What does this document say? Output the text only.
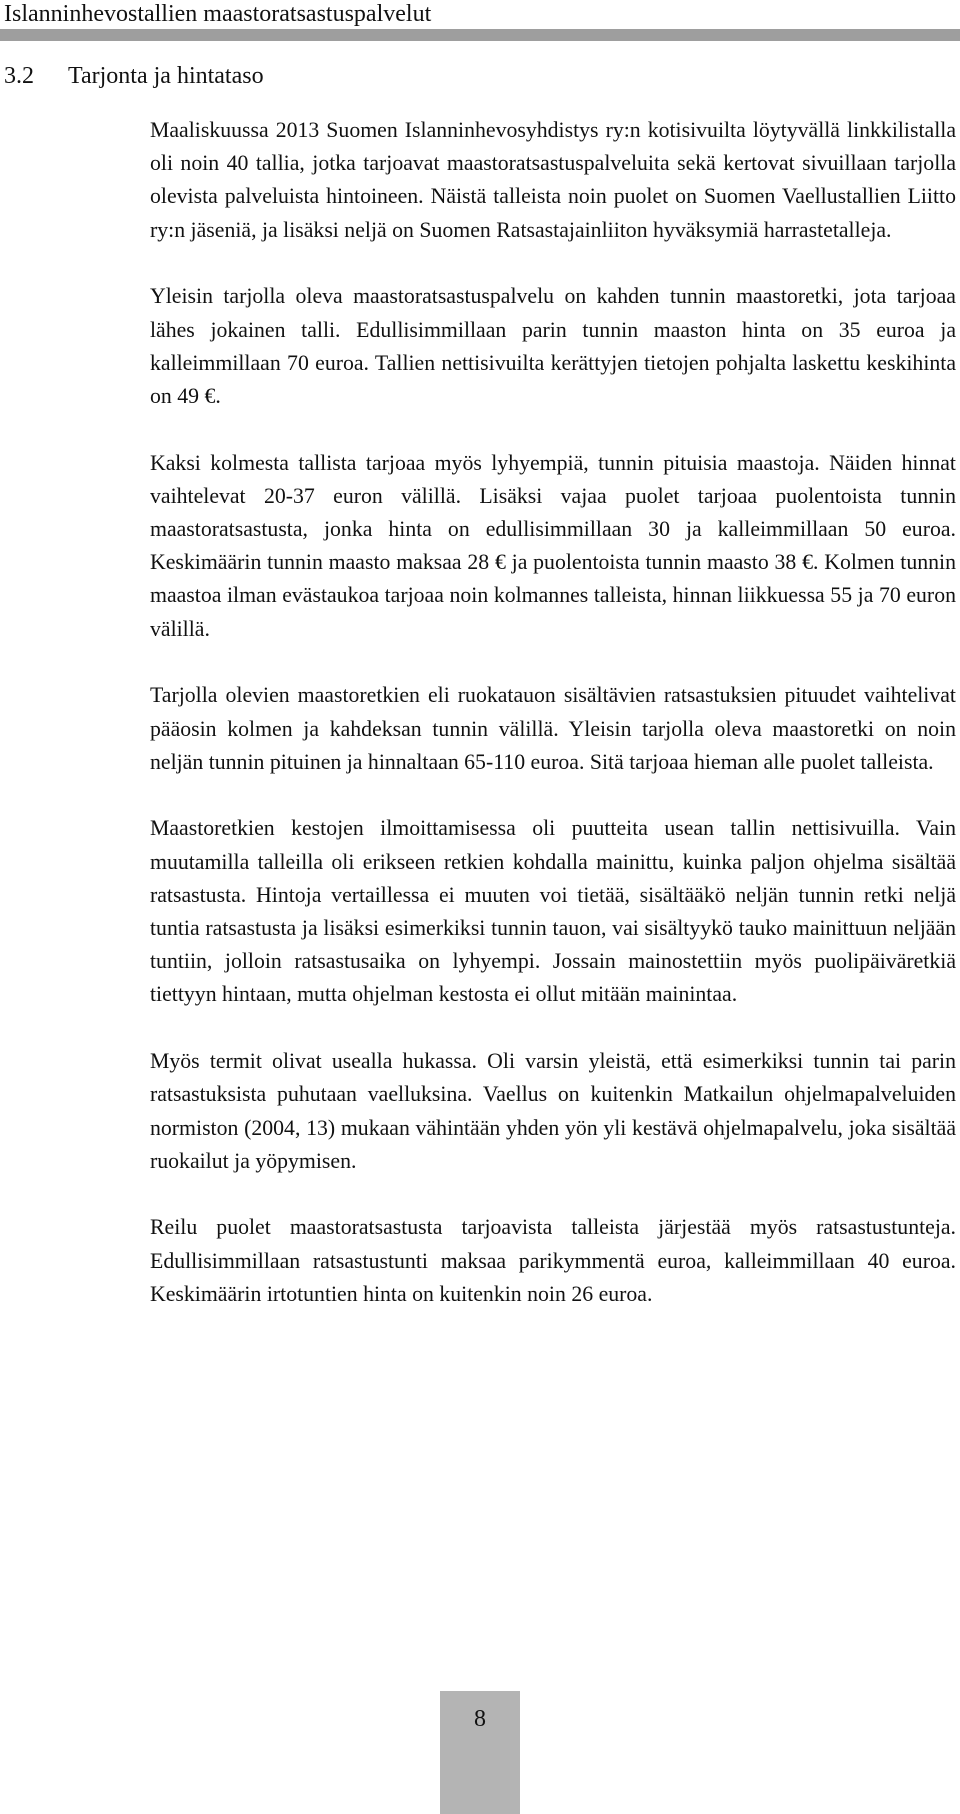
Islanninhevostallien maastoratsastuspalvelut
3.2 Tarjonta ja hintataso

Maaliskuussa 2013 Suomen Islanninhevosyhdistys ry:n kotisivuilta löytyvällä linkkilistalla oli noin 40 tallia, jotka tarjoavat maastoratsastuspalveluita sekä kertovat sivuillaan tarjolla olevista palveluista hintoineen. Näistä talleista noin puolet on Suomen Vaellustallien Liitto ry:n jäseniä, ja lisäksi neljä on Suomen Ratsastajainliiton hyväksymiä harrastetalleja.

Yleisin tarjolla oleva maastoratsastuspalvelu on kahden tunnin maastoretki, jota tarjoaa lähes jokainen talli. Edullisimmillaan parin tunnin maaston hinta on 35 euroa ja kalleimmillaan 70 euroa. Tallien nettisivuilta kerättyjen tietojen pohjalta laskettu keskihinta on 49 €.

Kaksi kolmesta tallista tarjoaa myös lyhyempiä, tunnin pituisia maastoja. Näiden hinnat vaihtelevat 20-37 euron välillä. Lisäksi vajaa puolet tarjoaa puolentoista tunnin maastoratsastusta, jonka hinta on edullisimmillaan 30 ja kalleimmillaan 50 euroa. Keskimäärin tunnin maasto maksaa 28 € ja puolentoista tunnin maasto 38 €. Kolmen tunnin maastoa ilman evästaukoa tarjoaa noin kolmannes talleista, hinnan liikkuessa 55 ja 70 euron välillä.

Tarjolla olevien maastoretkien eli ruokatauon sisältävien ratsastuksien pituudet vaihtelivat pääosin kolmen ja kahdeksan tunnin välillä. Yleisin tarjolla oleva maastoretki on noin neljän tunnin pituinen ja hinnaltaan 65-110 euroa. Sitä tarjoaa hieman alle puolet talleista.

Maastoretkien kestojen ilmoittamisessa oli puutteita usean tallin nettisivuilla. Vain muutamilla talleilla oli erikseen retkien kohdalla mainittu, kuinka paljon ohjelma sisältää ratsastusta. Hintoja vertaillessa ei muuten voi tietää, sisältääkö neljän tunnin retki neljä tuntia ratsastusta ja lisäksi esimerkiksi tunnin tauon, vai sisältyykö tauko mainittuun neljään tuntiin, jolloin ratsastusaika on lyhyempi. Jossain mainostettiin myös puolipäiväretkiä tiettyyn hintaan, mutta ohjelman kestosta ei ollut mitään mainintaa.

Myös termit olivat usealla hukassa. Oli varsin yleistä, että esimerkiksi tunnin tai parin ratsastuksista puhutaan vaelluksina. Vaellus on kuitenkin Matkailun ohjelmapalveluiden normiston (2004, 13) mukaan vähintään yhden yön yli kestävä ohjelmapalvelu, joka sisältää ruokailut ja yöpymisen.

Reilu puolet maastoratsastusta tarjoavista talleista järjestää myös ratsastustunteja. Edullisimmillaan ratsastustunti maksaa parikymmentä euroa, kalleimmillaan 40 euroa. Keskimäärin irtotuntien hinta on kuitenkin noin 26 euroa.

8
